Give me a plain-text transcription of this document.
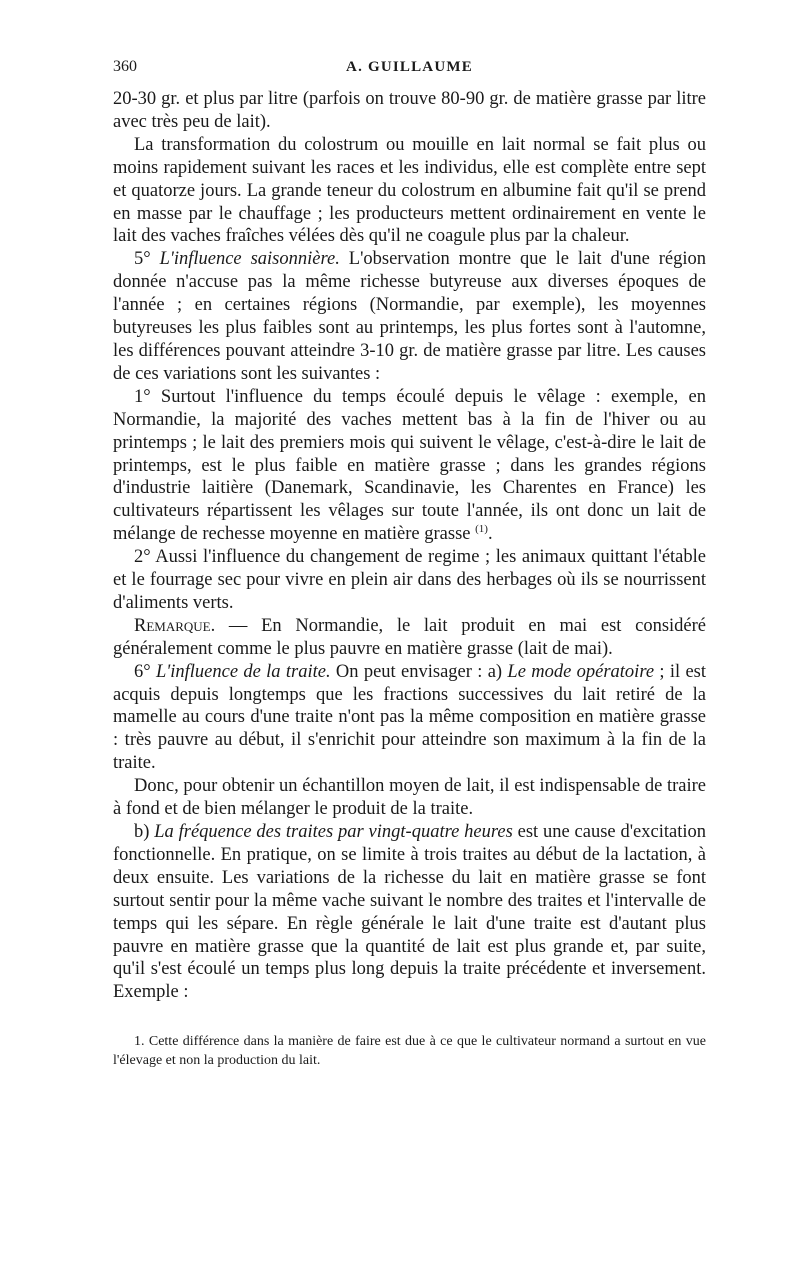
360	A. GUILLAUME

20-30 gr. et plus par litre (parfois on trouve 80-90 gr. de matière grasse par litre avec très peu de lait).

La transformation du colostrum ou mouille en lait normal se fait plus ou moins rapidement suivant les races et les individus, elle est complète entre sept et quatorze jours. La grande teneur du colostrum en albumine fait qu'il se prend en masse par le chauffage ; les producteurs mettent ordinairement en vente le lait des vaches fraîches vélées dès qu'il ne coagule plus par la chaleur.

5° L'influence saisonnière. L'observation montre que le lait d'une région donnée n'accuse pas la même richesse butyreuse aux diverses époques de l'année ; en certaines régions (Normandie, par exemple), les moyennes butyreuses les plus faibles sont au printemps, les plus fortes sont à l'automne, les différences pouvant atteindre 3-10 gr. de matière grasse par litre. Les causes de ces variations sont les suivantes :

1° Surtout l'influence du temps écoulé depuis le vêlage : exemple, en Normandie, la majorité des vaches mettent bas à la fin de l'hiver ou au printemps ; le lait des premiers mois qui suivent le vêlage, c'est-à-dire le lait de printemps, est le plus faible en matière grasse ; dans les grandes régions d'industrie laitière (Danemark, Scandinavie, les Charentes en France) les cultivateurs répartissent les vêlages sur toute l'année, ils ont donc un lait de mélange de rechesse moyenne en matière grasse $^{(1)}$.

2° Aussi l'influence du changement de regime ; les animaux quittant l'étable et le fourrage sec pour vivre en plein air dans des herbages où ils se nourrissent d'aliments verts.

Remarque. — En Normandie, le lait produit en mai est considéré généralement comme le plus pauvre en matière grasse (lait de mai).

6° L'influence de la traite. On peut envisager : a) Le mode opératoire ; il est acquis depuis longtemps que les fractions successives du lait retiré de la mamelle au cours d'une traite n'ont pas la même composition en matière grasse : très pauvre au début, il s'enrichit pour atteindre son maximum à la fin de la traite.

Donc, pour obtenir un échantillon moyen de lait, il est indispensable de traire à fond et de bien mélanger le produit de la traite.

b) La fréquence des traites par vingt-quatre heures est une cause d'excitation fonctionnelle. En pratique, on se limite à trois traites au début de la lactation, à deux ensuite. Les variations de la richesse du lait en matière grasse se font surtout sentir pour la même vache suivant le nombre des traites et l'intervalle de temps qui les sépare. En règle générale le lait d'une traite est d'autant plus pauvre en matière grasse que la quantité de lait est plus grande et, par suite, qu'il s'est écoulé un temps plus long depuis la traite précédente et inversement. Exemple :

1. Cette différence dans la manière de faire est due à ce que le cultivateur normand a surtout en vue l'élevage et non la production du lait.
